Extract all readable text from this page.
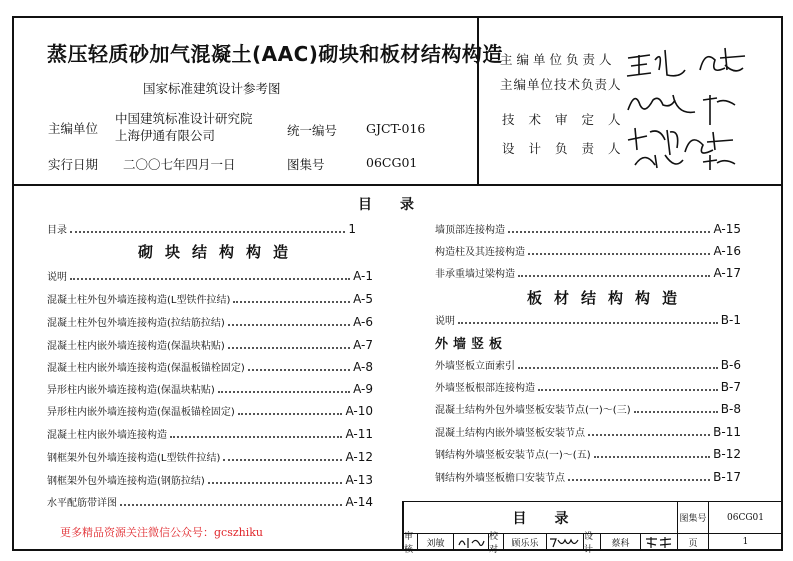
蒸压轻质砂加气混凝土(AAC)砌块和板材结构构造
国家标准建筑设计参考图
主编单位
中国建筑标准设计研究院
上海伊通有限公司	统一编号 GJCT-016
实行日期 二〇〇七年四月一日	图集号	06CG01
主编单位负责人
主编单位技术负责人
技术审定人
设计负责人
目　　录
目录	1
砌块结构构造
说明	A-1
混凝土柱外包外墙连接构造(L型铁件拉结)	A-5
混凝土柱外包外墙连接构造(拉结筋拉结)	A-6
混凝土柱内嵌外墙连接构造(保温块粘贴)	A-7
混凝土柱内嵌外墙连接构造(保温板锚栓固定)	A-8
异形柱内嵌外墙连接构造(保温块粘贴)	A-9
异形柱内嵌外墙连接构造(保温板锚栓固定)	A-10
混凝土柱内嵌外墙连接构造	A-11
钢框架外包外墙连接构造(L型铁件拉结)	A-12
钢框架外包外墙连接构造(钢筋拉结)	A-13
水平配筋带详图	A-14
墙顶部连接构造	A-15
构造柱及其连接构造	A-16
非承重墙过梁构造	A-17
板材结构构造
说明	B-1
外墙竖板
外墙竖板立面索引	B-6
外墙竖板根部连接构造	B-7
混凝土结构外包外墙竖板安装节点(一)～(三)	B-8
混凝土结构内嵌外墙竖板安装节点	B-11
钢结构外墙竖板安装节点(一)～(五)	B-12
钢结构外墙竖板檐口安装节点	B-17
更多精品资源关注微信公众号：gcszhiku
目　　录	图集号	06CG01
审核
刘敏
校对
顾乐乐
设计
蔡科	页	1
